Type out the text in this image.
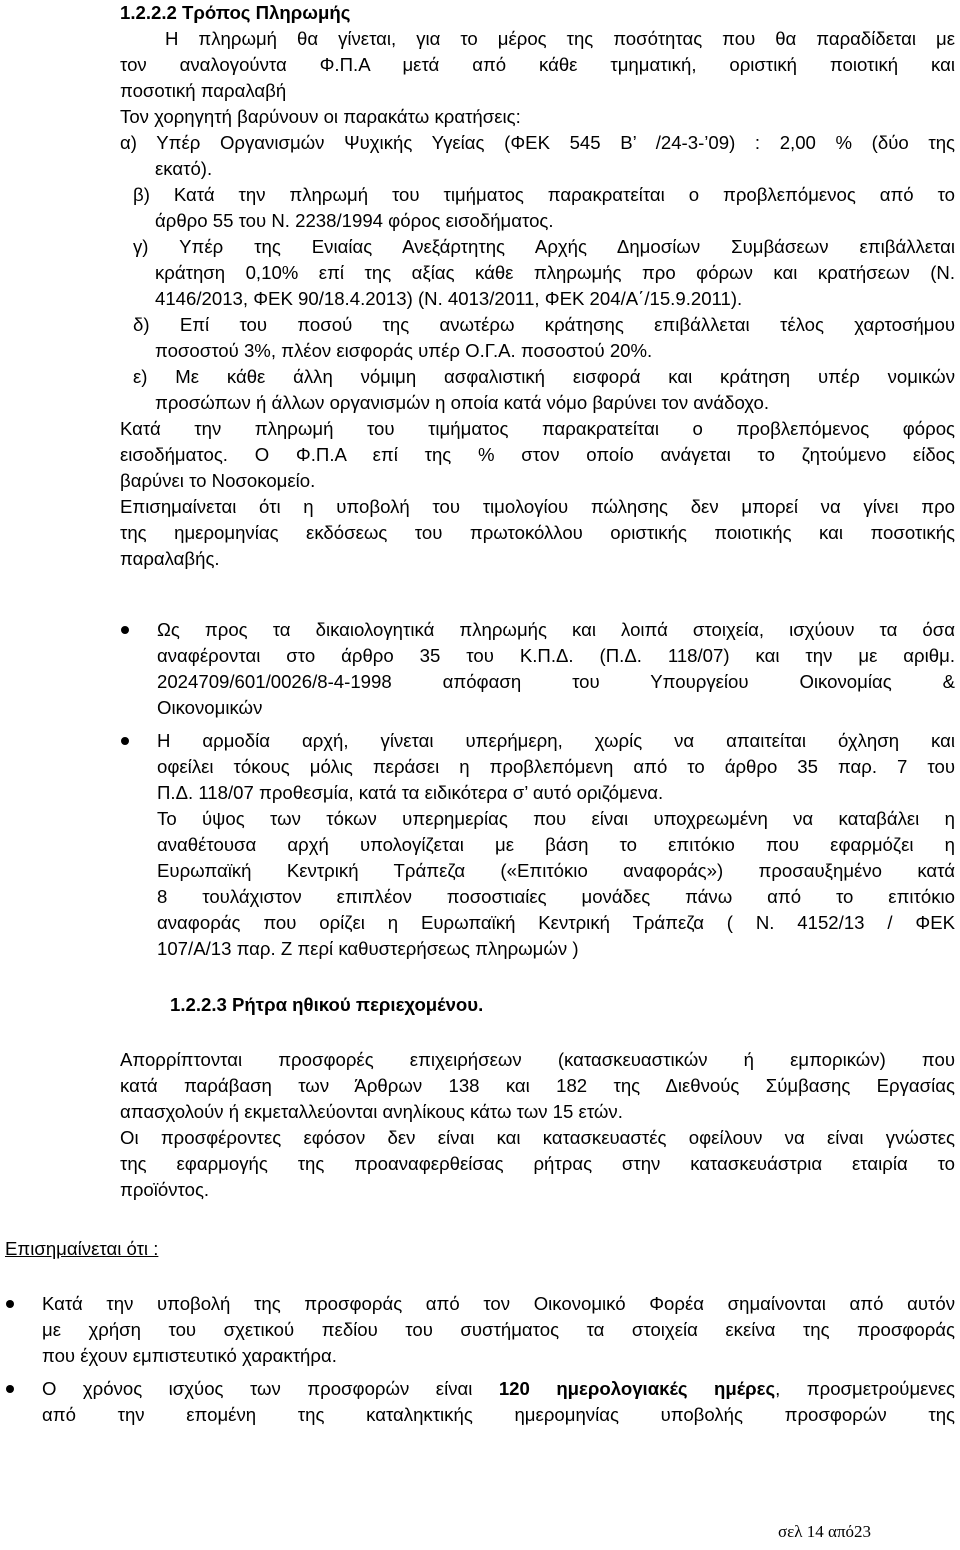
1.2.2.2 Τρόπος Πληρωμής
Η πληρωμή θα γίνεται, για το μέρος της ποσότητας που θα παραδίδεται με
τον αναλογούντα Φ.Π.Α μετά από κάθε τμηματική, οριστική ποιοτική και
ποσοτική παραλαβή
Τον χορηγητή βαρύνουν οι παρακάτω κρατήσεις:
α) Υπέρ Οργανισμών Ψυχικής Υγείας (ΦΕΚ 545 Β’ /24-3-’09) : 2,00 % (δύο της
εκατό).
β) Κατά την πληρωμή του τιμήματος παρακρατείται ο προβλεπόμενος από το
άρθρο 55 του Ν. 2238/1994 φόρος εισοδήματος.
γ) Υπέρ της Ενιαίας Ανεξάρτητης Αρχής Δημοσίων Συμβάσεων επιβάλλεται
κράτηση 0,10% επί της αξίας κάθε πληρωμής προ φόρων και κρατήσεων (Ν.
4146/2013, ΦΕΚ 90/18.4.2013) (Ν. 4013/2011, ΦΕΚ 204/Α΄/15.9.2011).
δ) Επί του ποσού της ανωτέρω κράτησης επιβάλλεται τέλος χαρτοσήμου
ποσοστού 3%, πλέον εισφοράς υπέρ Ο.Γ.Α. ποσοστού 20%.
ε) Με κάθε άλλη νόμιμη ασφαλιστική εισφορά και κράτηση υπέρ νομικών
προσώπων ή άλλων οργανισμών η οποία κατά νόμο βαρύνει τον ανάδοχο.
Κατά την πληρωμή του τιμήματος παρακρατείται ο προβλεπόμενος φόρος
εισοδήματος. Ο Φ.Π.Α επί της % στον οποίο ανάγεται το ζητούμενο είδος
βαρύνει το Νοσοκομείο.
Επισημαίνεται ότι η υποβολή του τιμολογίου πώλησης δεν μπορεί να γίνει προ
της ημερομηνίας εκδόσεως του πρωτοκόλλου οριστικής ποιοτικής και ποσοτικής
παραλαβής.
Ως προς τα δικαιολογητικά πληρωμής και λοιπά στοιχεία, ισχύουν τα όσα
αναφέρονται στο άρθρο 35 του Κ.Π.Δ. (Π.Δ. 118/07) και την με αριθμ.
2024709/601/0026/8-4-1998 απόφαση του Υπουργείου Οικονομίας &
Οικονομικών
Η αρμοδία αρχή, γίνεται υπερήμερη, χωρίς να απαιτείται όχληση και
οφείλει τόκους μόλις περάσει η προβλεπόμενη από το άρθρο 35 παρ. 7 του
Π.Δ. 118/07 προθεσμία, κατά τα ειδικότερα σ’ αυτό οριζόμενα.
Το ύψος των τόκων υπερημερίας που είναι υποχρεωμένη να καταβάλει η
αναθέτουσα αρχή υπολογίζεται με βάση το επιτόκιο που εφαρμόζει η
Ευρωπαϊκή Κεντρική Τράπεζα («Επιτόκιο αναφοράς») προσαυξημένο κατά
8 τουλάχιστον επιπλέον ποσοστιαίες μονάδες πάνω από το επιτόκιο
αναφοράς που ορίζει η Ευρωπαϊκή Κεντρική Τράπεζα ( Ν. 4152/13 / ΦΕΚ
107/Α/13 παρ. Ζ περί καθυστερήσεως πληρωμών )
1.2.2.3 Ρήτρα ηθικού περιεχομένου.
Απορρίπτονται προσφορές επιχειρήσεων (κατασκευαστικών ή εμπορικών) που
κατά παράβαση των Άρθρων 138 και 182 της Διεθνούς Σύμβασης Εργασίας
απασχολούν ή εκμεταλλεύονται ανηλίκους κάτω των 15 ετών.
Οι προσφέροντες εφόσον δεν είναι και κατασκευαστές οφείλουν να είναι γνώστες
της εφαρμογής της προαναφερθείσας ρήτρας στην κατασκευάστρια εταιρία το
προϊόντος.
Επισημαίνεται ότι :
Κατά την υποβολή της προσφοράς από τον Οικονομικό Φορέα σημαίνονται από αυτόν
με χρήση του σχετικού πεδίου του συστήματος τα στοιχεία εκείνα της προσφοράς
που έχουν εμπιστευτικό χαρακτήρα.
Ο χρόνος ισχύος των προσφορών είναι 120 ημερολογιακές ημέρες, προσμετρούμενες
από την επομένη της καταληκτικής ημερομηνίας υποβολής προσφορών της
σελ 14 από23
